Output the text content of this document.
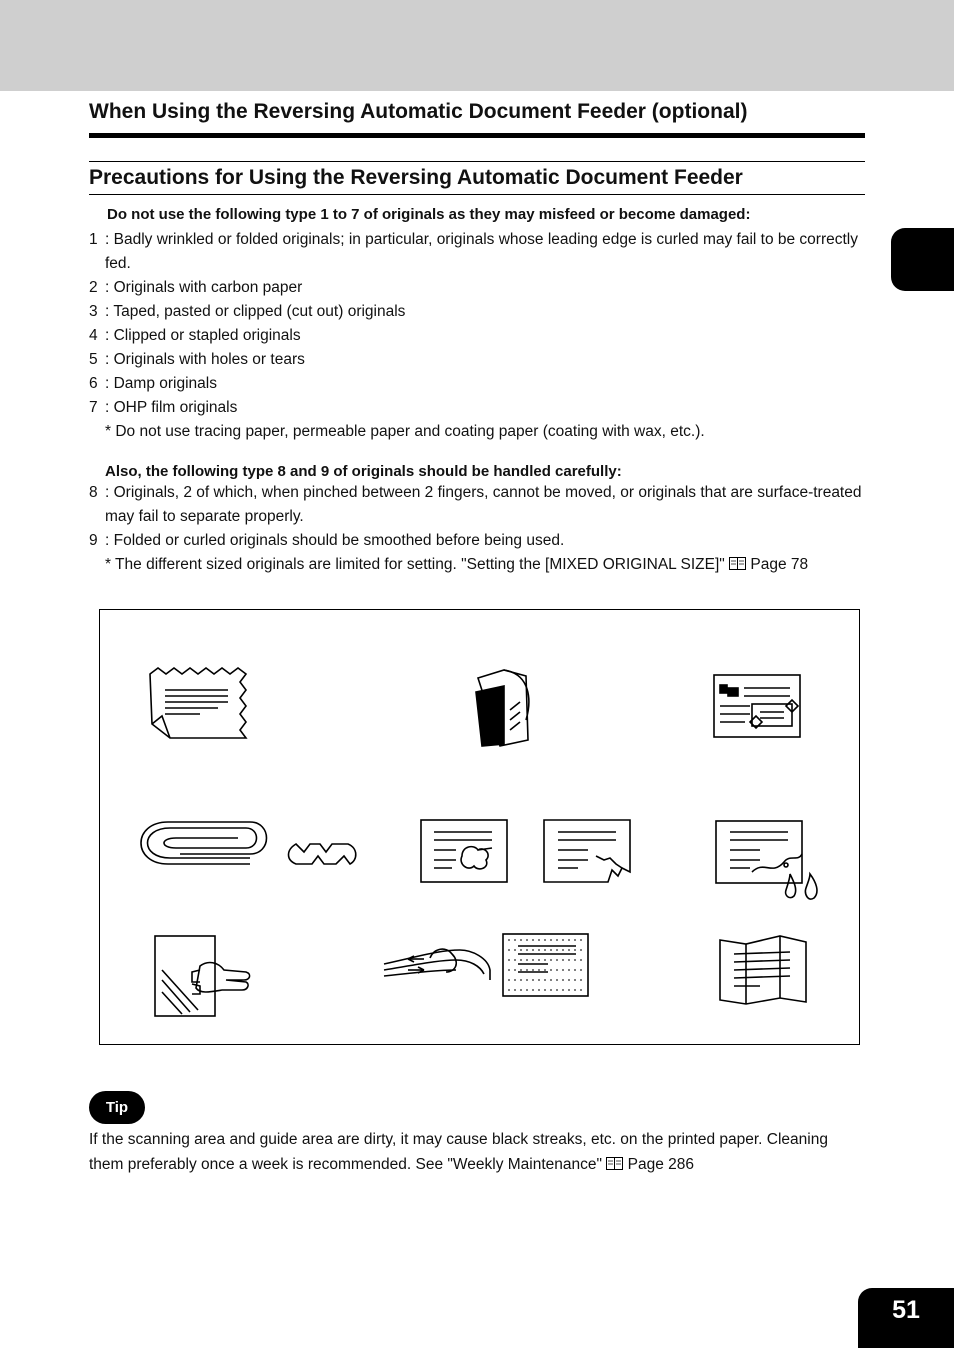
When Using the Reversing Automatic Document Feeder (optional)
Precautions for Using the Reversing Automatic Document Feeder
Do not use the following type 1 to 7 of originals as they may misfeed or become damaged:
1 : Badly wrinkled or folded originals; in particular, originals whose leading edge is curled may fail to be correctly fed.
2 : Originals with carbon paper
3 : Taped, pasted or clipped (cut out) originals
4 : Clipped or stapled originals
5 : Originals with holes or tears
6 : Damp originals
7 : OHP film originals
* Do not use tracing paper, permeable paper and coating paper (coating with wax, etc.).
Also, the following type 8 and 9 of originals should be handled carefully:
8 : Originals, 2 of which, when pinched between 2 fingers, cannot be moved, or originals that are surface-treated may fail to separate properly.
9 : Folded or curled originals should be smoothed before being used.
* The different sized originals are limited for setting. "Setting the [MIXED ORIGINAL SIZE]" Page 78
Tip
If the scanning area and guide area are dirty, it may cause black streaks, etc. on the printed paper. Cleaning them preferably once a week is recommended. See "Weekly Maintenance" Page 286
51
